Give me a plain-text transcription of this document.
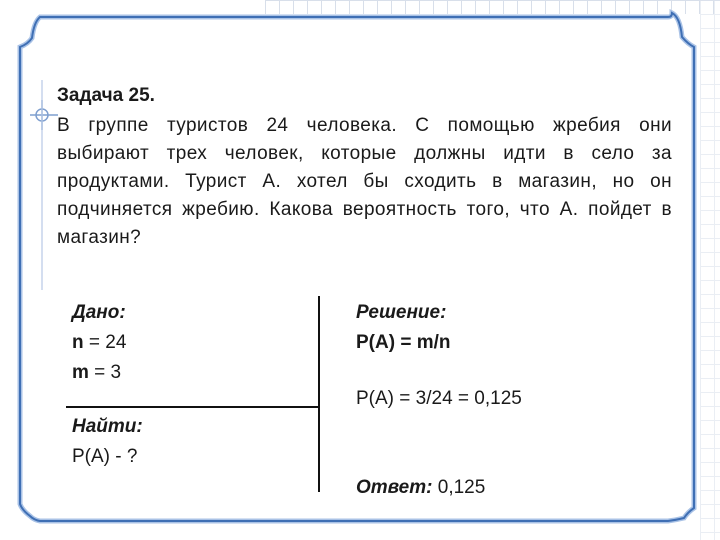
Задача 25.

В группе туристов 24 человека. С помощью жребия они выбирают трех человек, которые должны идти в село за продуктами. Турист А. хотел бы сходить в магазин, но он подчиняется жребию. Какова вероятность того, что А. пойдет в магазин?

Дано:
n = 24
m = 3
Найти:
P(A) - ?
Решение:
P(A) = m/n
P(A) = 3/24 = 0,125
Ответ: 0,125
